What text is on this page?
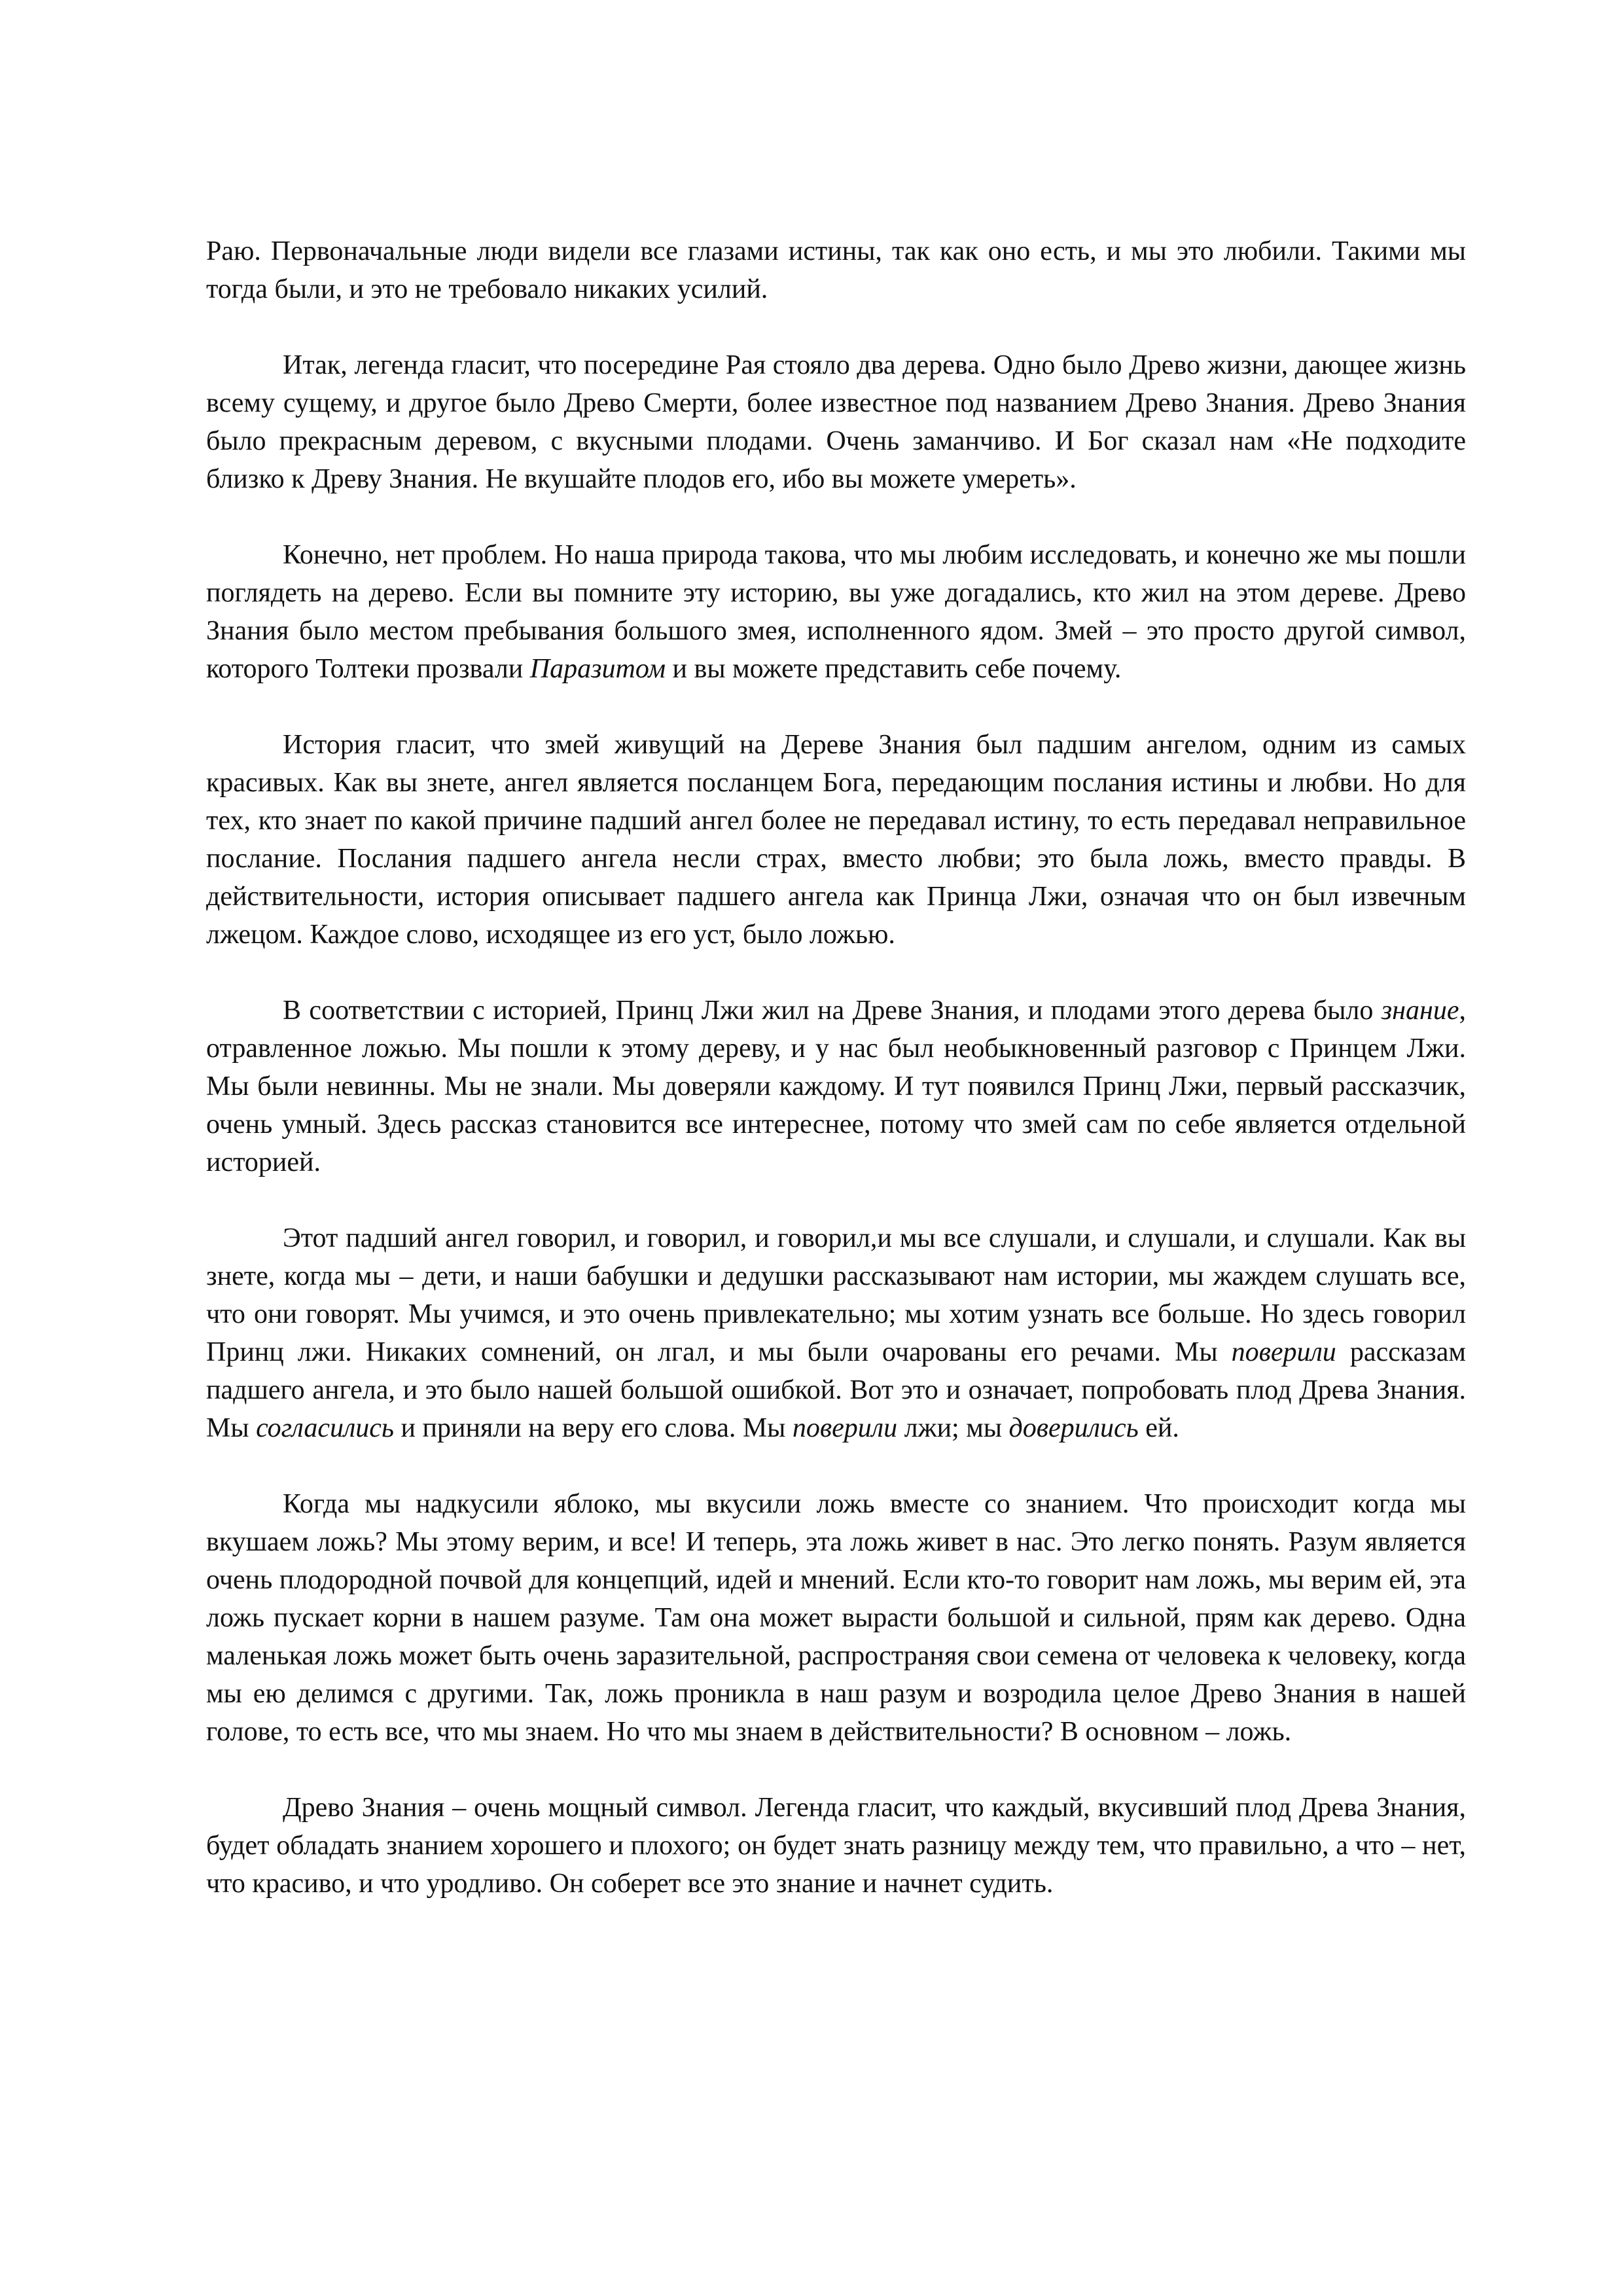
Раю. Первоначальные люди видели все глазами истины, так как оно есть, и мы это любили. Такими мы тогда были, и это не требовало никаких усилий.

Итак, легенда гласит, что посередине Рая стояло два дерева. Одно было Древо жизни, дающее жизнь всему сущему, и другое было Древо Смерти, более известное под названием Древо Знания. Древо Знания было прекрасным деревом, с вкусными плодами. Очень заманчиво. И Бог сказал нам «Не подходите близко к Древу Знания. Не вкушайте плодов его, ибо вы можете умереть».

Конечно, нет проблем. Но наша природа такова, что мы любим исследовать, и конечно же мы пошли поглядеть на дерево. Если вы помните эту историю, вы уже догадались, кто жил на этом дереве. Древо Знания было местом пребывания большого змея, исполненного ядом. Змей – это просто другой символ, которого Толтеки прозвали Паразитом и вы можете представить себе почему.

История гласит, что змей живущий на Дереве Знания был падшим ангелом, одним из самых красивых. Как вы знете, ангел является посланцем Бога, передающим послания истины и любви. Но для тех, кто знает по какой причине падший ангел более не передавал истину, то есть передавал неправильное послание. Послания падшего ангела несли страх, вместо любви; это была ложь, вместо правды. В действительности, история описывает падшего ангела как Принца Лжи, означая что он был извечным лжецом. Каждое слово, исходящее из его уст, было ложью.

В соответствии с историей, Принц Лжи жил на Древе Знания, и плодами этого дерева было знание, отравленное ложью. Мы пошли к этому дереву, и у нас был необыкновенный разговор с Принцем Лжи. Мы были невинны. Мы не знали. Мы доверяли каждому. И тут появился Принц Лжи, первый рассказчик, очень умный. Здесь рассказ становится все интереснее, потому что змей сам по себе является отдельной историей.

Этот падший ангел говорил, и говорил, и говорил,и мы все слушали, и слушали, и слушали. Как вы знете, когда мы – дети, и наши бабушки и дедушки рассказывают нам истории, мы жаждем слушать все, что они говорят. Мы учимся, и это очень привлекательно; мы хотим узнать все больше. Но здесь говорил Принц лжи. Никаких сомнений, он лгал, и мы были очарованы его речами. Мы поверили рассказам падшего ангела, и это было нашей большой ошибкой. Вот это и означает, попробовать плод Древа Знания. Мы согласились и приняли на веру его слова. Мы поверили лжи; мы доверились ей.

Когда мы надкусили яблоко, мы вкусили ложь вместе со знанием. Что происходит когда мы вкушаем ложь? Мы этому верим, и все! И теперь, эта ложь живет в нас. Это легко понять. Разум является очень плодородной почвой для концепций, идей и мнений. Если кто-то говорит нам ложь, мы верим ей, эта ложь пускает корни в нашем разуме. Там она может вырасти большой и сильной, прям как дерево. Одна маленькая ложь может быть очень заразительной, распространяя свои семена от человека к человеку, когда мы ею делимся с другими. Так, ложь проникла в наш разум и возродила целое Древо Знания в нашей голове, то есть все, что мы знаем. Но что мы знаем в действительности? В основном – ложь.

Древо Знания – очень мощный символ. Легенда гласит, что каждый, вкусивший плод Древа Знания, будет обладать знанием хорошего и плохого; он будет знать разницу между тем, что правильно, а что – нет, что красиво, и что уродливо. Он соберет все это знание и начнет судить.
